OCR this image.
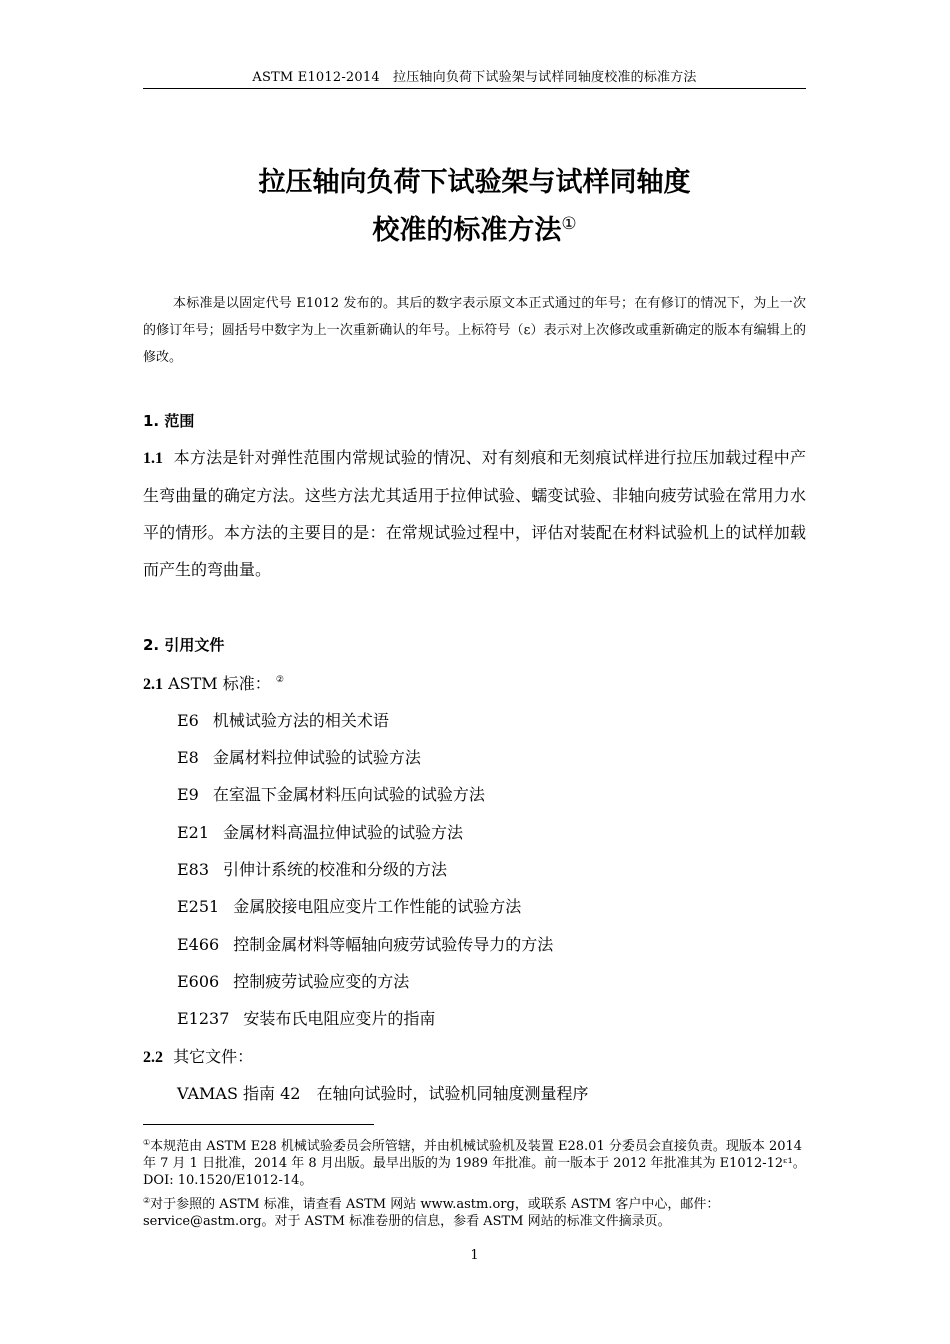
ASTM E1012-2014　拉压轴向负荷下试验架与试样同轴度校准的标准方法
拉压轴向负荷下试验架与试样同轴度
校准的标准方法①
本标准是以固定代号 E1012 发布的。其后的数字表示原文本正式通过的年号；在有修订的情况下，为上一次的修订年号；圆括号中数字为上一次重新确认的年号。上标符号（ε）表示对上次修改或重新确定的版本有编辑上的修改。
1. 范围
1.1 本方法是针对弹性范围内常规试验的情况、对有刻痕和无刻痕试样进行拉压加载过程中产生弯曲量的确定方法。这些方法尤其适用于拉伸试验、蠕变试验、非轴向疲劳试验在常用力水平的情形。本方法的主要目的是：在常规试验过程中，评估对装配在材料试验机上的试样加载而产生的弯曲量。
2. 引用文件
2.1 ASTM 标准： ②
E6 机械试验方法的相关术语
E8 金属材料拉伸试验的试验方法
E9 在室温下金属材料压向试验的试验方法
E21 金属材料高温拉伸试验的试验方法
E83 引伸计系统的校准和分级的方法
E251 金属胶接电阻应变片工作性能的试验方法
E466 控制金属材料等幅轴向疲劳试验传导力的方法
E606 控制疲劳试验应变的方法
E1237 安装布氏电阻应变片的指南
2.2 其它文件：
VAMAS 指南 42　在轴向试验时，试验机同轴度测量程序
①本规范由 ASTM E28 机械试验委员会所管辖，并由机械试验机及装置 E28.01 分委员会直接负责。现版本 2014 年 7 月 1 日批准，2014 年 8 月出版。最早出版的为 1989 年批准。前一版本于 2012 年批准其为 E1012-12ᵋ¹。DOI: 10.1520/E1012-14。
②对于参照的 ASTM 标准，请查看 ASTM 网站 www.astm.org，或联系 ASTM 客户中心，邮件：service@astm.org。对于 ASTM 标准卷册的信息，参看 ASTM 网站的标准文件摘录页。
1
